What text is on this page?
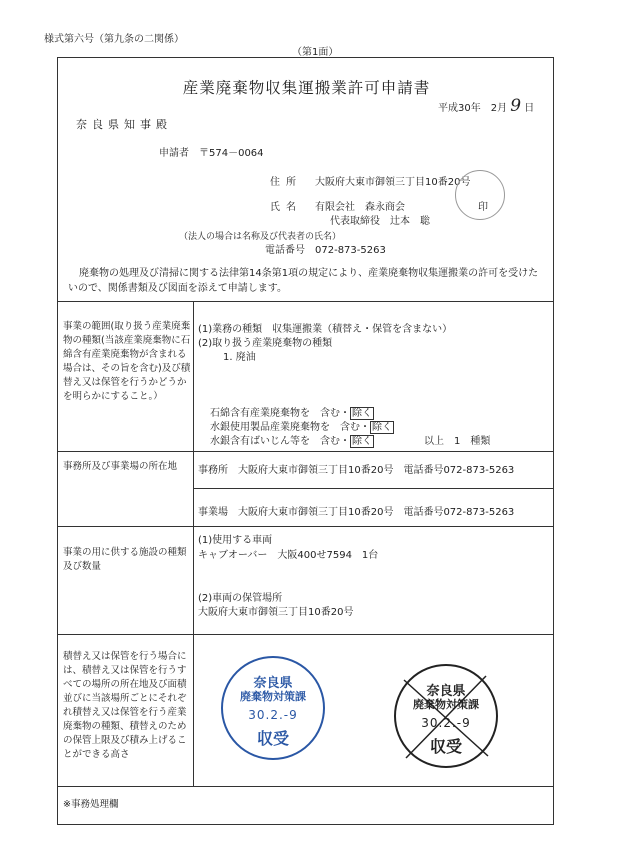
様式第六号（第九条の二関係）
（第1面）
産業廃棄物収集運搬業許可申請書
平成30年　2月 9 日
奈良県知事殿
申請者　〒574－0064
住所 大阪府大東市御領三丁目10番20号
氏名 有限会社　森永商会
代表取締役　辻本　聡
印
（法人の場合は名称及び代表者の氏名）
電話番号　072-873-5263
廃棄物の処理及び清掃に関する法律第14条第1項の規定により、産業廃棄物収集運搬業の許可を受けたいので、関係書類及び図面を添えて申請します。
事業の範囲(取り扱う産業廃棄物の種類(当該産業廃棄物に石綿含有産業廃棄物が含まれる場合は、その旨を含む)及び積替え又は保管を行うかどうかを明らかにすること。）
(1)業務の種類　収集運搬業（積替え・保管を含まない）
(2)取り扱う産業廃棄物の種類
1. 廃油
石綿含有産業廃棄物を　含む・ 除く
水銀使用製品産業廃棄物を　含む・ 除く
水銀含有ばいじん等を　含む・ 除く	以上　1　種類
事務所及び事業場の所在地	事務所　大阪府大東市御領三丁目10番20号　電話番号072-873-5263
事業場　大阪府大東市御領三丁目10番20号　電話番号072-873-5263
事業の用に供する施設の種類及び数量
(1)使用する車両
キャブオーバー　大阪400せ7594　1台
(2)車両の保管場所
大阪府大東市御領三丁目10番20号
積替え又は保管を行う場合には、積替え又は保管を行うすべての場所の所在地及び面積並びに当該場所ごとにそれぞれ積替え又は保管を行う産業廃棄物の種類、積替えのための保管上限及び積み上げることができる高さ
※事務処理欄
奈良県
廃棄物対策課
30.2.-9
収受
奈良県
廃棄物対策課
30.2.-9
収受
